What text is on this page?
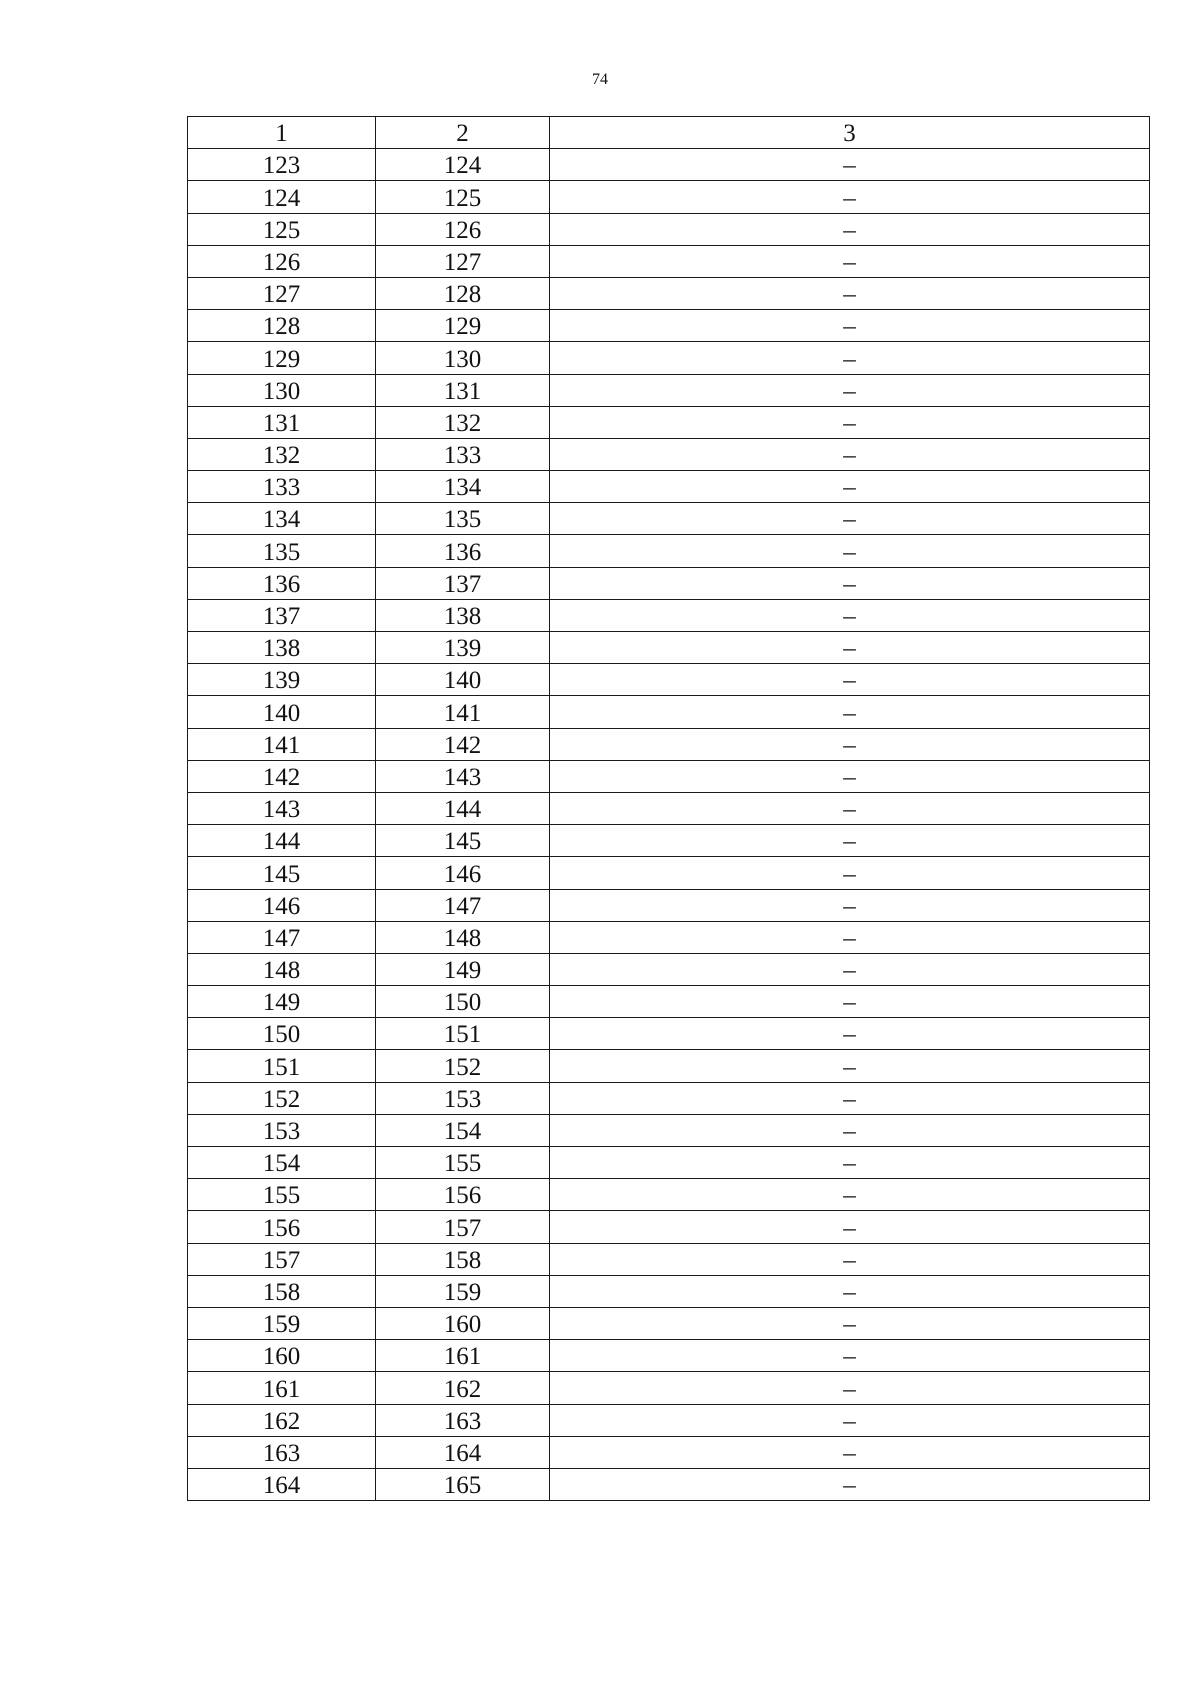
74
1	2	3
123	124	–
124	125	–
125	126	–
126	127	–
127	128	–
128	129	–
129	130	–
130	131	–
131	132	–
132	133	–
133	134	–
134	135	–
135	136	–
136	137	–
137	138	–
138	139	–
139	140	–
140	141	–
141	142	–
142	143	–
143	144	–
144	145	–
145	146	–
146	147	–
147	148	–
148	149	–
149	150	–
150	151	–
151	152	–
152	153	–
153	154	–
154	155	–
155	156	–
156	157	–
157	158	–
158	159	–
159	160	–
160	161	–
161	162	–
162	163	–
163	164	–
164	165	–
